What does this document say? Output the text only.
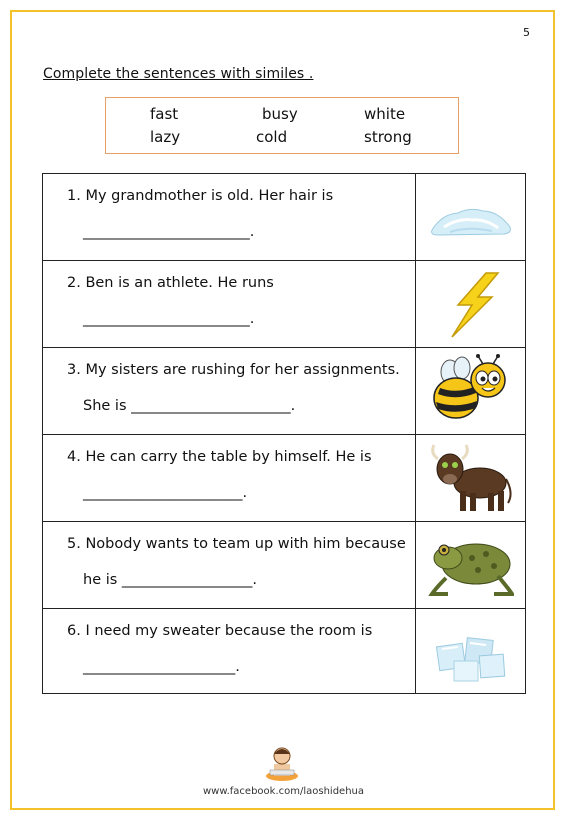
5
Complete the sentences with similes .
fast	busy	white
lazy	cold	strong
1. My grandmother is old. Her hair is
_______________________.
2. Ben is an athlete. He runs
_______________________.
3. My sisters are rushing for her assignments.
She is ______________________.
4. He can carry the table by himself. He is
______________________.
5. Nobody wants to team up with him because
he is __________________.
6. I need my sweater because the room is
_____________________.
www.facebook.com/laoshidehua
